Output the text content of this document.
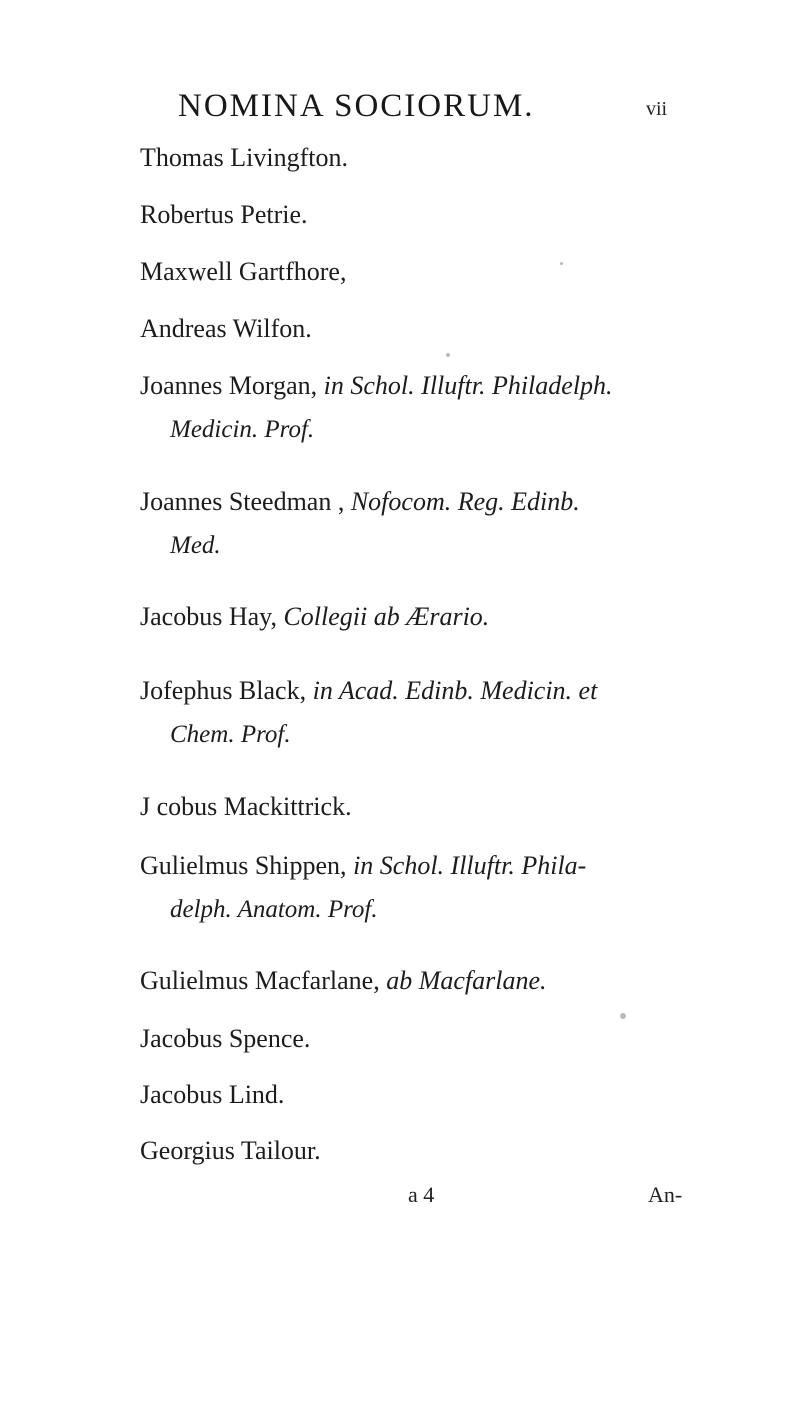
NOMINA SOCIORUM.	vii
Thomas Livingfton.
Robertus Petrie.
Maxwell Gartfhore,
Andreas Wilfon.
Joannes Morgan, in Schol. Illuftr. Philadelph.
Medicin. Prof.
Joannes Steedman , Nofocom. Reg. Edinb.
Med.
Jacobus Hay, Collegii ab Ærario.
Jofephus Black, in Acad. Edinb. Medicin. et
Chem. Prof.
J cobus Mackittrick.
Gulielmus Shippen, in Schol. Illuftr. Phila-
delph. Anatom. Prof.
Gulielmus Macfarlane, ab Macfarlane.
Jacobus Spence.
Jacobus Lind.
Georgius Tailour.
a 4	An-
